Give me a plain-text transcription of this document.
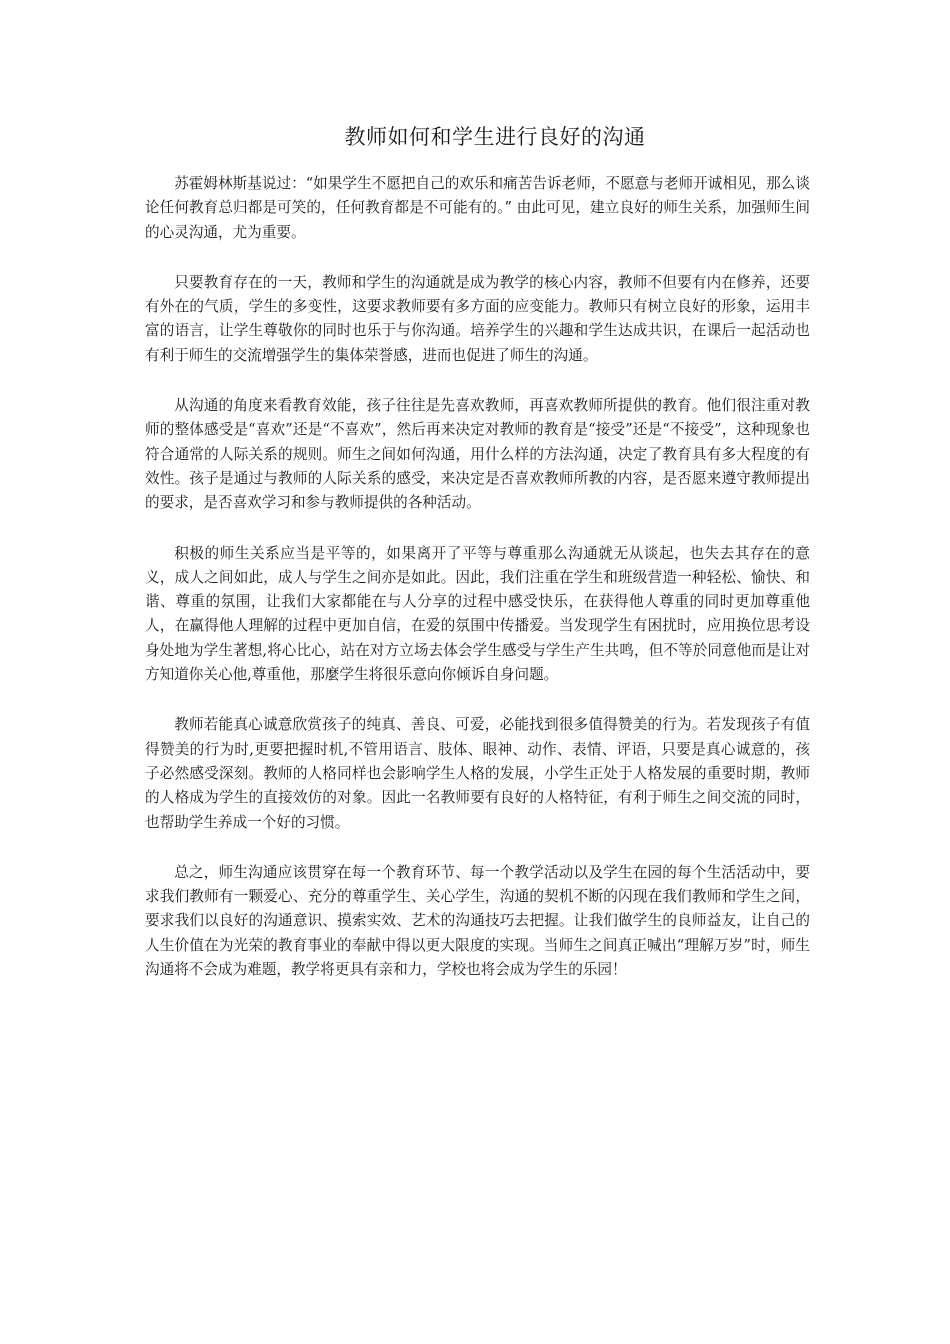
教师如何和学生进行良好的沟通

苏霍姆林斯基说过：“如果学生不愿把自己的欢乐和痛苦告诉老师，不愿意与老师开诚相见，那么谈论任何教育总归都是可笑的，任何教育都是不可能有的。” 由此可见，建立良好的师生关系，加强师生间的心灵沟通，尤为重要。

只要教育存在的一天，教师和学生的沟通就是成为教学的核心内容，教师不但要有内在修养，还要有外在的气质，学生的多变性，这要求教师要有多方面的应变能力。教师只有树立良好的形象，运用丰富的语言，让学生尊敬你的同时也乐于与你沟通。培养学生的兴趣和学生达成共识，在课后一起活动也有利于师生的交流增强学生的集体荣誉感，进而也促进了师生的沟通。

从沟通的角度来看教育效能，孩子往往是先喜欢教师，再喜欢教师所提供的教育。他们很注重对教师的整体感受是“喜欢”还是“不喜欢”，然后再来决定对教师的教育是“接受”还是“不接受”，这种现象也符合通常的人际关系的规则。师生之间如何沟通，用什么样的方法沟通，决定了教育具有多大程度的有效性。孩子是通过与教师的人际关系的感受，来决定是否喜欢教师所教的内容，是否愿来遵守教师提出的要求，是否喜欢学习和参与教师提供的各种活动。

积极的师生关系应当是平等的，如果离开了平等与尊重那么沟通就无从谈起，也失去其存在的意义，成人之间如此，成人与学生之间亦是如此。因此，我们注重在学生和班级营造一种轻松、愉快、和谐、尊重的氛围，让我们大家都能在与人分享的过程中感受快乐，在获得他人尊重的同时更加尊重他人，在赢得他人理解的过程中更加自信，在爱的氛围中传播爱。当发现学生有困扰时，应用换位思考设身处地为学生著想,将心比心，站在对方立场去体会学生感受与学生产生共鸣，但不等於同意他而是让对方知道你关心他,尊重他，那麼学生将很乐意向你倾诉自身问题。

教师若能真心诚意欣赏孩子的纯真、善良、可爱，必能找到很多值得赞美的行为。若发现孩子有值得赞美的行为时,更要把握时机,不管用语言、肢体、眼神、动作、表情、评语，只要是真心诚意的，孩子必然感受深刻。教师的人格同样也会影响学生人格的发展，小学生正处于人格发展的重要时期，教师的人格成为学生的直接效仿的对象。因此一名教师要有良好的人格特征，有利于师生之间交流的同时，也帮助学生养成一个好的习惯。

总之，师生沟通应该贯穿在每一个教育环节、每一个教学活动以及学生在园的每个生活活动中，要求我们教师有一颗爱心、充分的尊重学生、关心学生，沟通的契机不断的闪现在我们教师和学生之间，要求我们以良好的沟通意识、摸索实效、艺术的沟通技巧去把握。让我们做学生的良师益友，让自己的人生价值在为光荣的教育事业的奉献中得以更大限度的实现。当师生之间真正喊出“理解万岁”时，师生沟通将不会成为难题，教学将更具有亲和力，学校也将会成为学生的乐园！
